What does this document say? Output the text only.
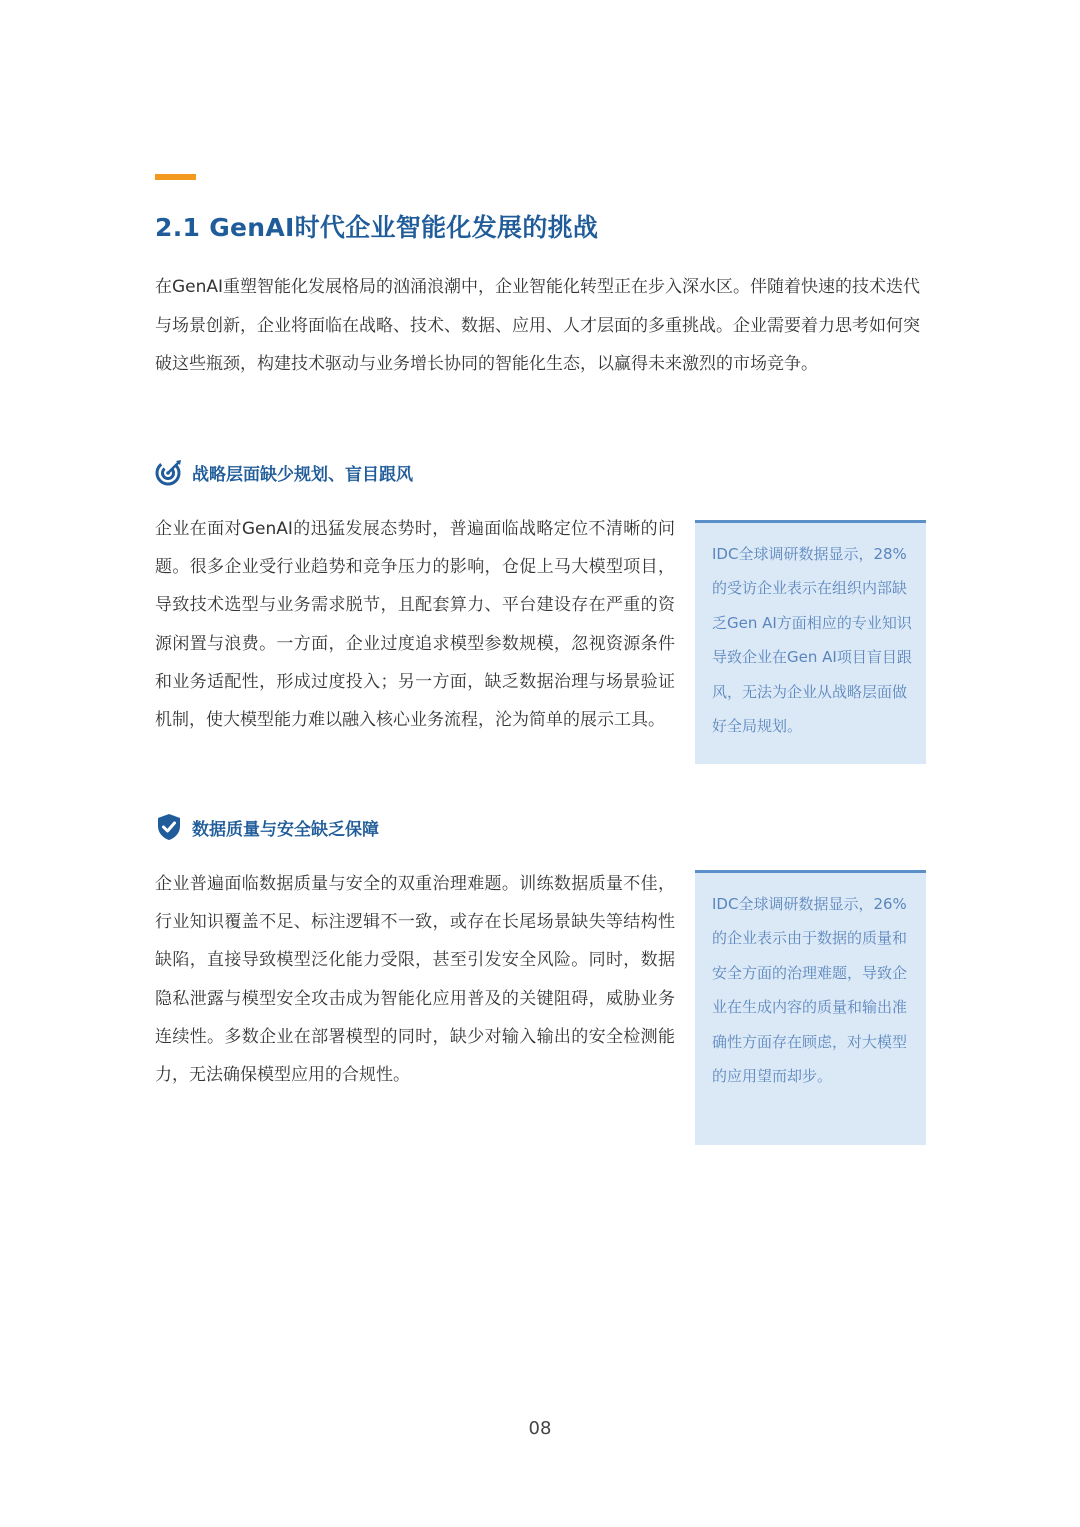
2.1 GenAI时代企业智能化发展的挑战

在GenAI重塑智能化发展格局的汹涌浪潮中，企业智能化转型正在步入深水区。伴随着快速的技术迭代与场景创新，企业将面临在战略、技术、数据、应用、人才层面的多重挑战。企业需要着力思考如何突破这些瓶颈，构建技术驱动与业务增长协同的智能化生态，以赢得未来激烈的市场竞争。

战略层面缺少规划、盲目跟风

企业在面对GenAI的迅猛发展态势时，普遍面临战略定位不清晰的问题。很多企业受行业趋势和竞争压力的影响，仓促上马大模型项目，导致技术选型与业务需求脱节，且配套算力、平台建设存在严重的资源闲置与浪费。一方面，企业过度追求模型参数规模，忽视资源条件和业务适配性，形成过度投入；另一方面，缺乏数据治理与场景验证机制，使大模型能力难以融入核心业务流程，沦为简单的展示工具。

IDC全球调研数据显示，28%的受访企业表示在组织内部缺乏Gen AI方面相应的专业知识导致企业在Gen AI项目盲目跟风，无法为企业从战略层面做好全局规划。

数据质量与安全缺乏保障

企业普遍面临数据质量与安全的双重治理难题。训练数据质量不佳，行业知识覆盖不足、标注逻辑不一致，或存在长尾场景缺失等结构性缺陷，直接导致模型泛化能力受限，甚至引发安全风险。同时，数据隐私泄露与模型安全攻击成为智能化应用普及的关键阻碍，威胁业务连续性。多数企业在部署模型的同时，缺少对输入输出的安全检测能力，无法确保模型应用的合规性。

IDC全球调研数据显示，26%的企业表示由于数据的质量和安全方面的治理难题，导致企业在生成内容的质量和输出准确性方面存在顾虑，对大模型的应用望而却步。

08
